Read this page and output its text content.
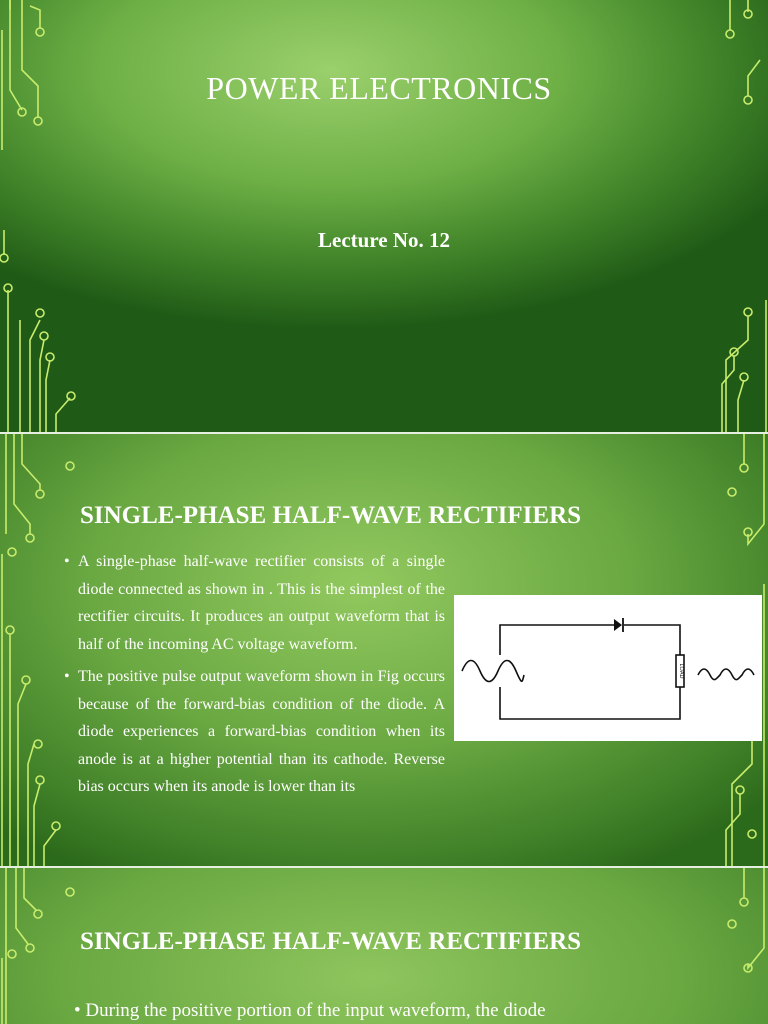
POWER ELECTRONICS
Lecture No. 12
SINGLE-PHASE HALF-WAVE RECTIFIERS
• A single-phase half-wave rectifier consists of a single diode connected as shown in . This is the simplest of the rectifier circuits. It produces an output waveform that is half of the incoming AC voltage waveform.
• The positive pulse output waveform shown in Fig occurs because of the forward-bias condition of the diode. A diode experiences a forward-bias condition when its anode is at a higher potential than its cathode. Reverse bias occurs when its anode is lower than its
LOAD
SINGLE-PHASE HALF-WAVE RECTIFIERS
• During the positive portion of the input waveform, the diode
